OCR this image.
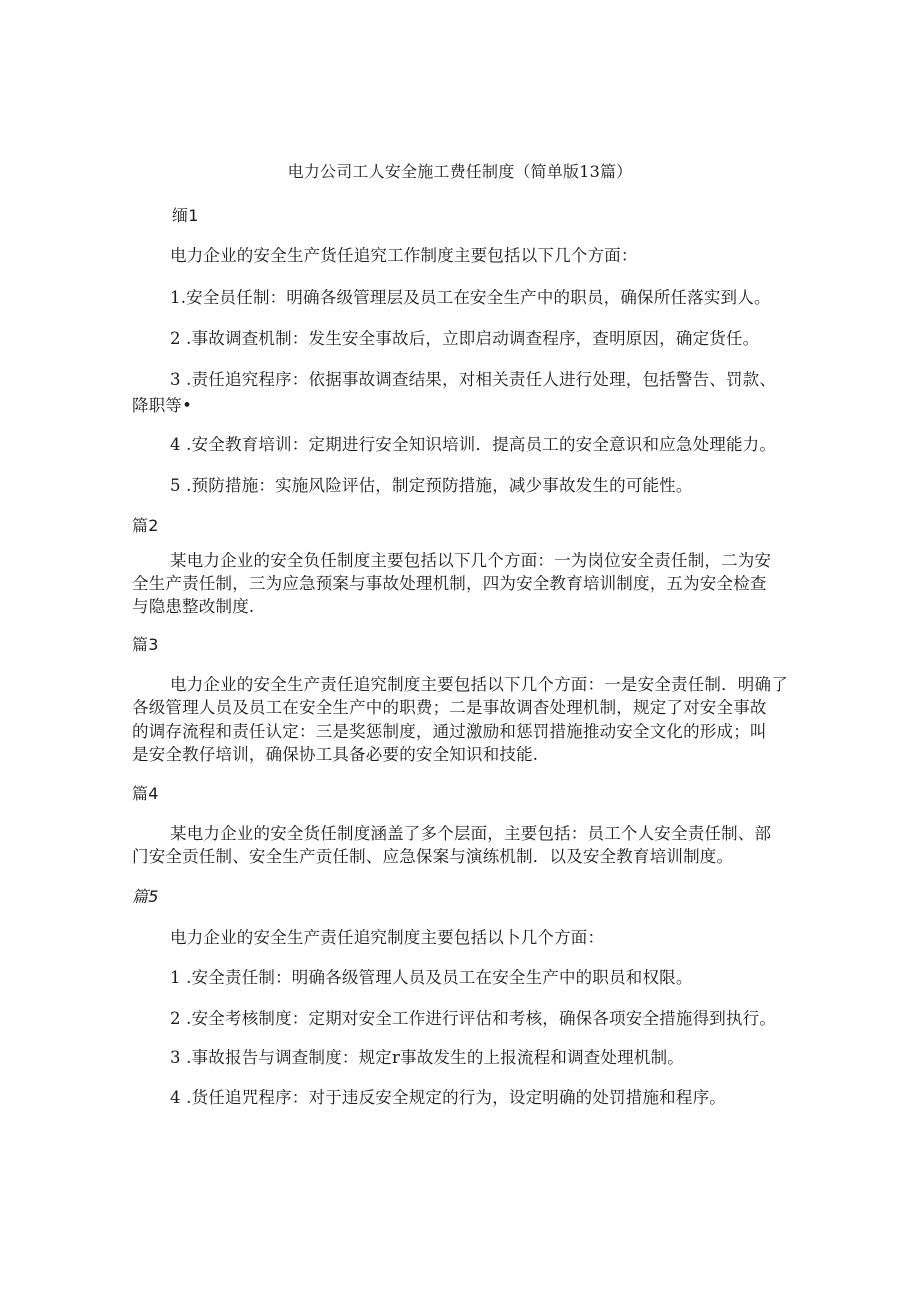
电力公司工人安全施工费任制度（简单版13篇）

缅1

电力企业的安全生产货任追究工作制度主要包括以下几个方面：

1.安全员任制：明确各级管理层及员工在安全生产中的职员，确保所任落实到人。

2 .事故调查机制：发生安全事故后，立即启动调查程序，查明原因，确定货任。

3 .责任追究程序：依据事故调查结果，对相关责任人进行处理，包括警告、罚款、

降职等•

4 .安全教育培训：定期进行安全知识培训．提高员工的安全意识和应急处理能力。

5 .预防措施：实施风险评估，制定预防措施，减少事故发生的可能性。

篇2

某电力企业的安全负任制度主要包括以下几个方面：一为岗位安全责任制，二为安

全生产责任制，三为应急预案与事故处理机制，四为安全教育培训制度，五为安全检查

与隐患整改制度.

篇3

电力企业的安全生产责任追究制度主要包括以下几个方面：一是安全责任制．明确了

各级管理人员及员工在安全生产中的职费；二是事故调杳处理机制，规定了对安全事故

的调存流程和责任认定：三是奖惩制度，通过激励和惩罚措施推动安全文化的形成；叫

是安全教仔培训，确保协工具备必要的安全知识和技能.

篇4

某电力企业的安全货任制度涵盖了多个层面，主要包括：员工个人安全责任制、部

门安全贡任制、安全生产贡任制、应急保案与演练机制．以及安全教育培训制度。

篇5

电力企业的安全生产责任追究制度主要包括以卜几个方面：

1 .安全责任制：明确各级管理人员及员工在安全生产中的职员和权限。

2 .安全考核制度：定期对安全工作进行评估和考核，确保各项安全措施得到执行。

3 .事故报告与调查制度：规定r事故发生的上报流程和调查处理机制。

4 .货任追咒程序：对于违反安全规定的行为，设定明确的处罚措施和程序。
